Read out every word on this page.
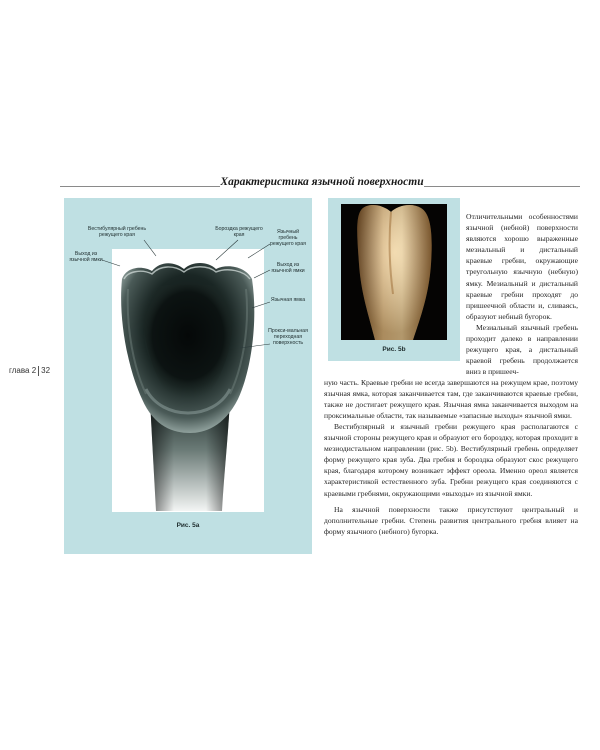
Характеристика язычной поверхности
глава 2 32
Вестибулярный гребень режущего края
Бороздка режущего края
Выход из язычной ямки
Язычный гребень режущего края
Выход из язычной ямки
Язычная ямка
Прокси-мальная переходная поверхность
Рис. 5а
Рис. 5b
Отличительными особенностями язычной (небной) поверхности являются хорошо выраженные мезиальный и дистальный краевые гребни, окружающие треугольную язычную (небную) ямку. Мезиальный и дистальный краевые гребни проходят до пришеечной области и, сливаясь, образуют небный бугорок.
Мезиальный язычный гребень проходит далеко в направлении режущего края, а дистальный краевой гребень продолжается вниз в пришееч-
ную часть. Краевые гребни не всегда завершаются на режущем крае, поэтому язычная ямка, которая заканчивается там, где заканчиваются краевые гребни, также не достигает режущего края. Язычная ямка заканчивается выходом на проксимальные области, так называемые «запасные выходы» язычной ямки.
Вестибулярный и язычный гребни режущего края располагаются с язычной стороны режущего края и образуют его бороздку, которая проходит в мезиодистальном направлении (рис. 5b). Вестибулярный гребень определяет форму режущего края зуба. Два гребня и бороздка образуют скос режущего края, благодаря которому возникает эффект ореола. Именно ореол является характеристикой естественного зуба. Гребни режущего края соединяются с краевыми гребнями, окружающими «выходы» из язычной ямки.
На язычной поверхности также присутствуют центральный и дополнительные гребни. Степень развития центрального гребня влияет на форму язычного (небного) бугорка.
